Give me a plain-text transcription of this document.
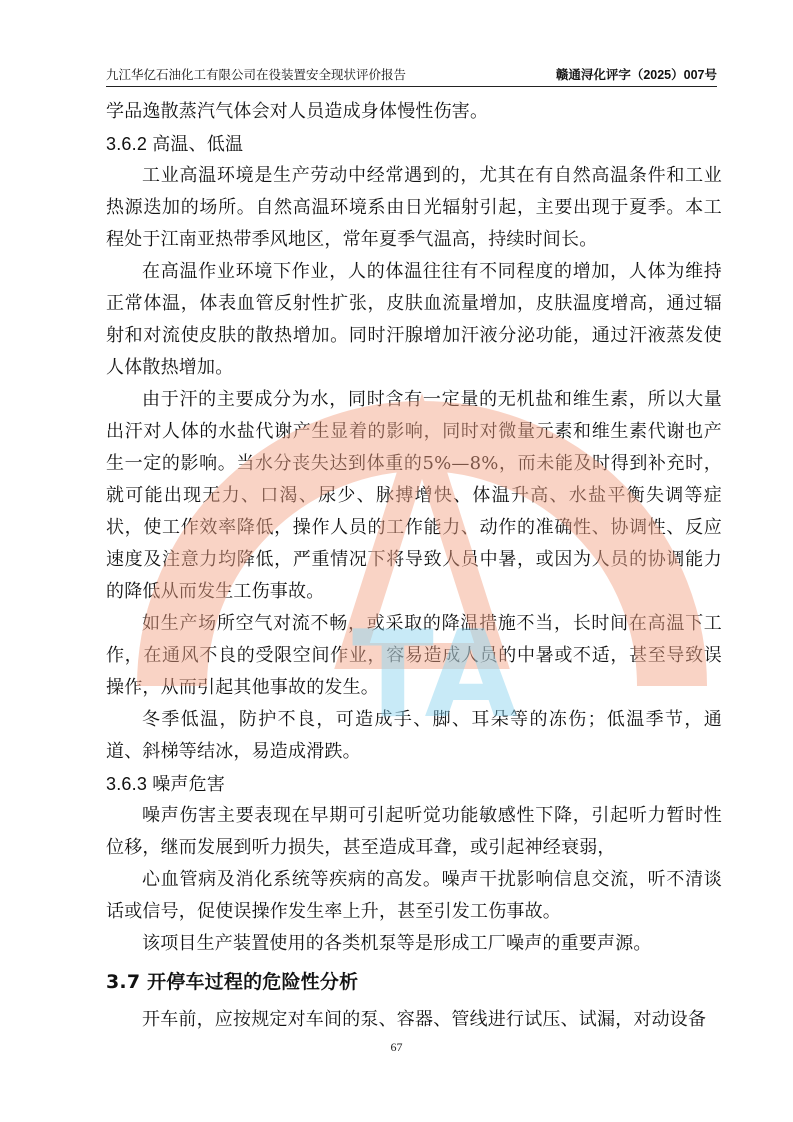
九江华亿石油化工有限公司在役装置安全现状评价报告	赣通浔化评字（2025）007号

学品逸散蒸汽气体会对人员造成身体慢性伤害。

3.6.2 高温、低温

工业高温环境是生产劳动中经常遇到的，尤其在有自然高温条件和工业热源迭加的场所。自然高温环境系由日光辐射引起，主要出现于夏季。本工程处于江南亚热带季风地区，常年夏季气温高，持续时间长。

在高温作业环境下作业，人的体温往往有不同程度的增加，人体为维持正常体温，体表血管反射性扩张，皮肤血流量增加，皮肤温度增高，通过辐射和对流使皮肤的散热增加。同时汗腺增加汗液分泌功能，通过汗液蒸发使人体散热增加。

由于汗的主要成分为水，同时含有一定量的无机盐和维生素，所以大量出汗对人体的水盐代谢产生显着的影响，同时对微量元素和维生素代谢也产生一定的影响。当水分丧失达到体重的5%—8%，而未能及时得到补充时，就可能出现无力、口渴、尿少、脉搏增快、体温升高、水盐平衡失调等症状，使工作效率降低，操作人员的工作能力、动作的准确性、协调性、反应速度及注意力均降低，严重情况下将导致人员中暑，或因为人员的协调能力的降低从而发生工伤事故。

如生产场所空气对流不畅，或采取的降温措施不当，长时间在高温下工作，在通风不良的受限空间作业，容易造成人员的中暑或不适，甚至导致误操作，从而引起其他事故的发生。

冬季低温，防护不良，可造成手、脚、耳朵等的冻伤；低温季节，通道、斜梯等结冰，易造成滑跌。

3.6.3 噪声危害

噪声伤害主要表现在早期可引起听觉功能敏感性下降，引起听力暂时性位移，继而发展到听力损失，甚至造成耳聋，或引起神经衰弱，

心血管病及消化系统等疾病的高发。噪声干扰影响信息交流，听不清谈话或信号，促使误操作发生率上升，甚至引发工伤事故。

该项目生产装置使用的各类机泵等是形成工厂噪声的重要声源。

3.7 开停车过程的危险性分析

开车前，应按规定对车间的泵、容器、管线进行试压、试漏，对动设备

TA
67
